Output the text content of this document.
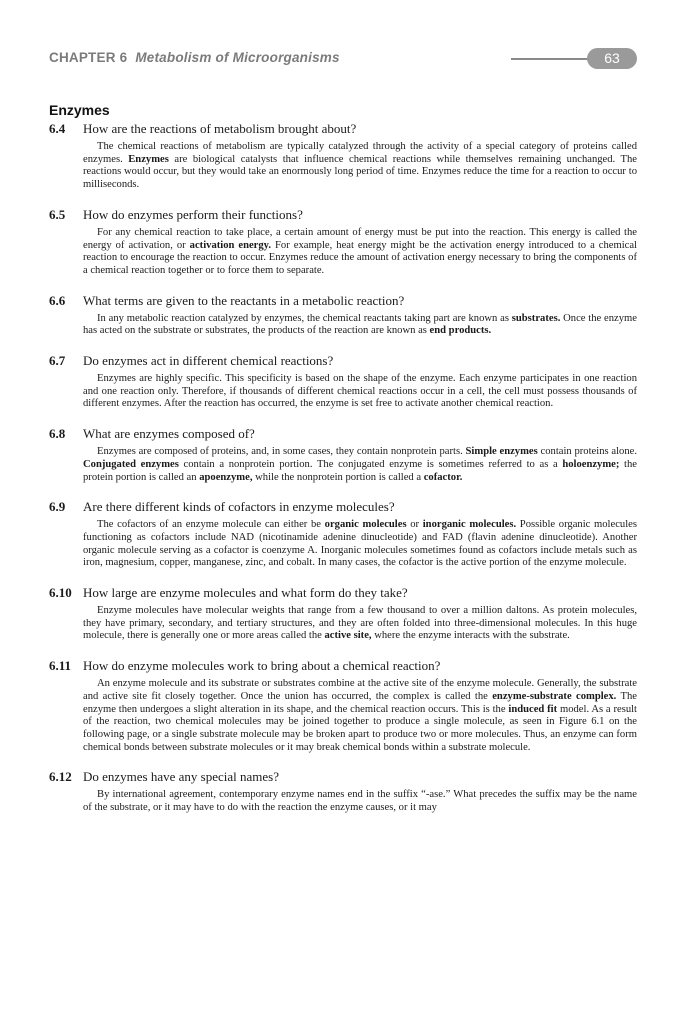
CHAPTER 6 Metabolism of Microorganisms	63
Enzymes
6.4	How are the reactions of metabolism brought about?
The chemical reactions of metabolism are typically catalyzed through the activity of a special category of proteins called enzymes. Enzymes are biological catalysts that influence chemical reactions while themselves remaining unchanged. The reactions would occur, but they would take an enormously long period of time. Enzymes reduce the time for a reaction to occur to milliseconds.
6.5	How do enzymes perform their functions?
For any chemical reaction to take place, a certain amount of energy must be put into the reaction. This energy is called the energy of activation, or activation energy. For example, heat energy might be the activation energy introduced to a chemical reaction to encourage the reaction to occur. Enzymes reduce the amount of activation energy necessary to bring the components of a chemical reaction together or to force them to separate.
6.6	What terms are given to the reactants in a metabolic reaction?
In any metabolic reaction catalyzed by enzymes, the chemical reactants taking part are known as substrates. Once the enzyme has acted on the substrate or substrates, the products of the reaction are known as end products.
6.7	Do enzymes act in different chemical reactions?
Enzymes are highly specific. This specificity is based on the shape of the enzyme. Each enzyme participates in one reaction and one reaction only. Therefore, if thousands of different chemical reactions occur in a cell, the cell must possess thousands of different enzymes. After the reaction has occurred, the enzyme is set free to activate another chemical reaction.
6.8	What are enzymes composed of?
Enzymes are composed of proteins, and, in some cases, they contain nonprotein parts. Simple enzymes contain proteins alone. Conjugated enzymes contain a nonprotein portion. The conjugated enzyme is sometimes referred to as a holoenzyme; the protein portion is called an apoenzyme, while the nonprotein portion is called a cofactor.
6.9	Are there different kinds of cofactors in enzyme molecules?
The cofactors of an enzyme molecule can either be organic molecules or inorganic molecules. Possible organic molecules functioning as cofactors include NAD (nicotinamide adenine dinucleotide) and FAD (flavin adenine dinucleotide). Another organic molecule serving as a cofactor is coenzyme A. Inorganic molecules sometimes found as cofactors include metals such as iron, magnesium, copper, manganese, zinc, and cobalt. In many cases, the cofactor is the active portion of the enzyme molecule.
6.10 How large are enzyme molecules and what form do they take?
Enzyme molecules have molecular weights that range from a few thousand to over a million daltons. As protein molecules, they have primary, secondary, and tertiary structures, and they are often folded into three-dimensional molecules. In this huge molecule, there is generally one or more areas called the active site, where the enzyme interacts with the substrate.
6.11 How do enzyme molecules work to bring about a chemical reaction?
An enzyme molecule and its substrate or substrates combine at the active site of the enzyme molecule. Generally, the substrate and active site fit closely together. Once the union has occurred, the complex is called the enzyme-substrate complex. The enzyme then undergoes a slight alteration in its shape, and the chemical reaction occurs. This is the induced fit model. As a result of the reaction, two chemical molecules may be joined together to produce a single molecule, as seen in Figure 6.1 on the following page, or a single substrate molecule may be broken apart to produce two or more molecules. Thus, an enzyme can form chemical bonds between substrate molecules or it may break chemical bonds within a substrate molecule.
6.12 Do enzymes have any special names?
By international agreement, contemporary enzyme names end in the suffix “-ase.” What precedes the suffix may be the name of the substrate, or it may have to do with the reaction the enzyme causes, or it may
